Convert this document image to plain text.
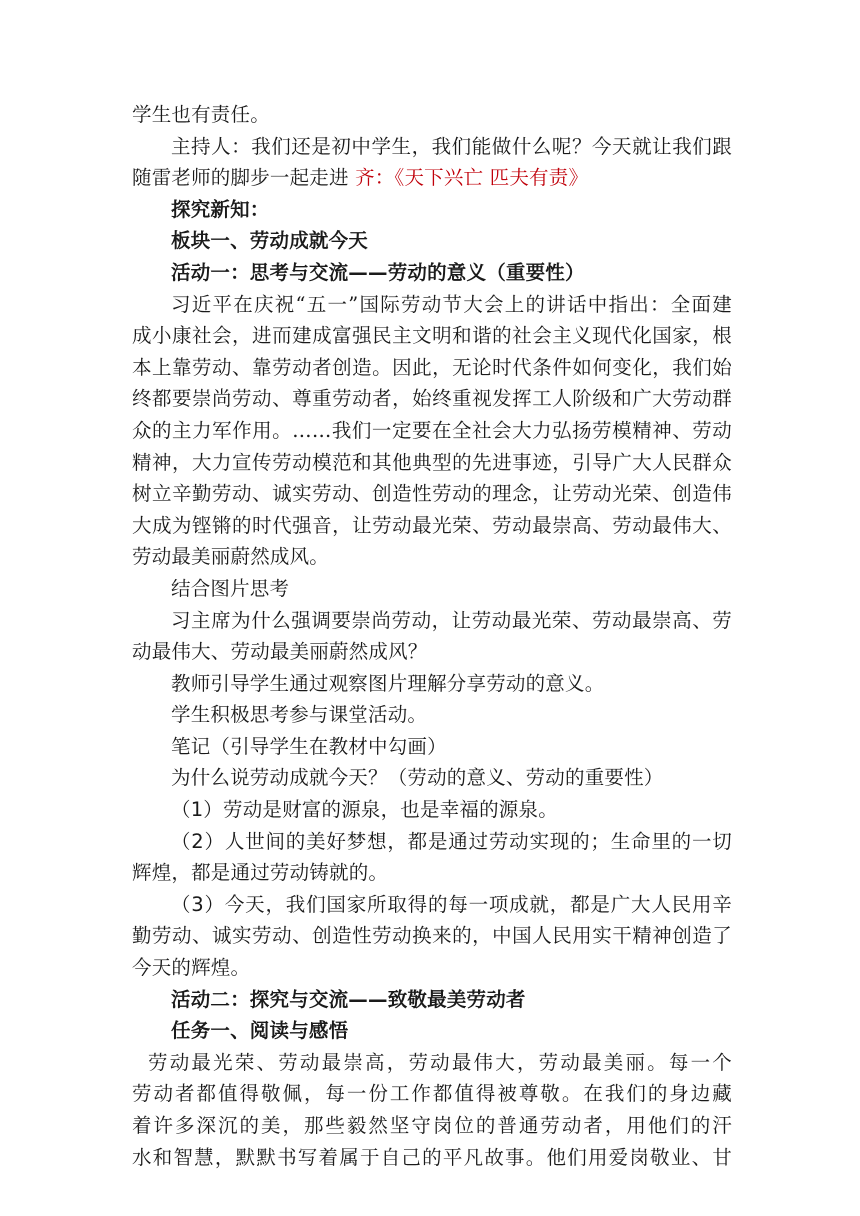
学生也有责任。
主持人：我们还是初中学生，我们能做什么呢？今天就让我们跟
随雷老师的脚步一起走进 齐：《天下兴亡 匹夫有责》
探究新知：
板块一、劳动成就今天
活动一：思考与交流——劳动的意义（重要性）
习近平在庆祝“五一”国际劳动节大会上的讲话中指出：全面建
成小康社会，进而建成富强民主文明和谐的社会主义现代化国家，根
本上靠劳动、靠劳动者创造。因此，无论时代条件如何变化，我们始
终都要崇尚劳动、尊重劳动者，始终重视发挥工人阶级和广大劳动群
众的主力军作用。……我们一定要在全社会大力弘扬劳模精神、劳动
精神，大力宣传劳动模范和其他典型的先进事迹，引导广大人民群众
树立辛勤劳动、诚实劳动、创造性劳动的理念，让劳动光荣、创造伟
大成为铿锵的时代强音，让劳动最光荣、劳动最崇高、劳动最伟大、
劳动最美丽蔚然成风。
结合图片思考
习主席为什么强调要崇尚劳动，让劳动最光荣、劳动最崇高、劳
动最伟大、劳动最美丽蔚然成风？
教师引导学生通过观察图片理解分享劳动的意义。
学生积极思考参与课堂活动。
笔记（引导学生在教材中勾画）
为什么说劳动成就今天？（劳动的意义、劳动的重要性）
（1）劳动是财富的源泉，也是幸福的源泉。
（2）人世间的美好梦想，都是通过劳动实现的；生命里的一切
辉煌，都是通过劳动铸就的。
（3）今天，我们国家所取得的每一项成就，都是广大人民用辛
勤劳动、诚实劳动、创造性劳动换来的，中国人民用实干精神创造了
今天的辉煌。
活动二：探究与交流——致敬最美劳动者
任务一、阅读与感悟
劳动最光荣、劳动最崇高，劳动最伟大，劳动最美丽。每一个
劳动者都值得敬佩，每一份工作都值得被尊敬。在我们的身边藏
着许多深沉的美，那些毅然坚守岗位的普通劳动者，用他们的汗
水和智慧，默默书写着属于自己的平凡故事。他们用爱岗敬业、甘
